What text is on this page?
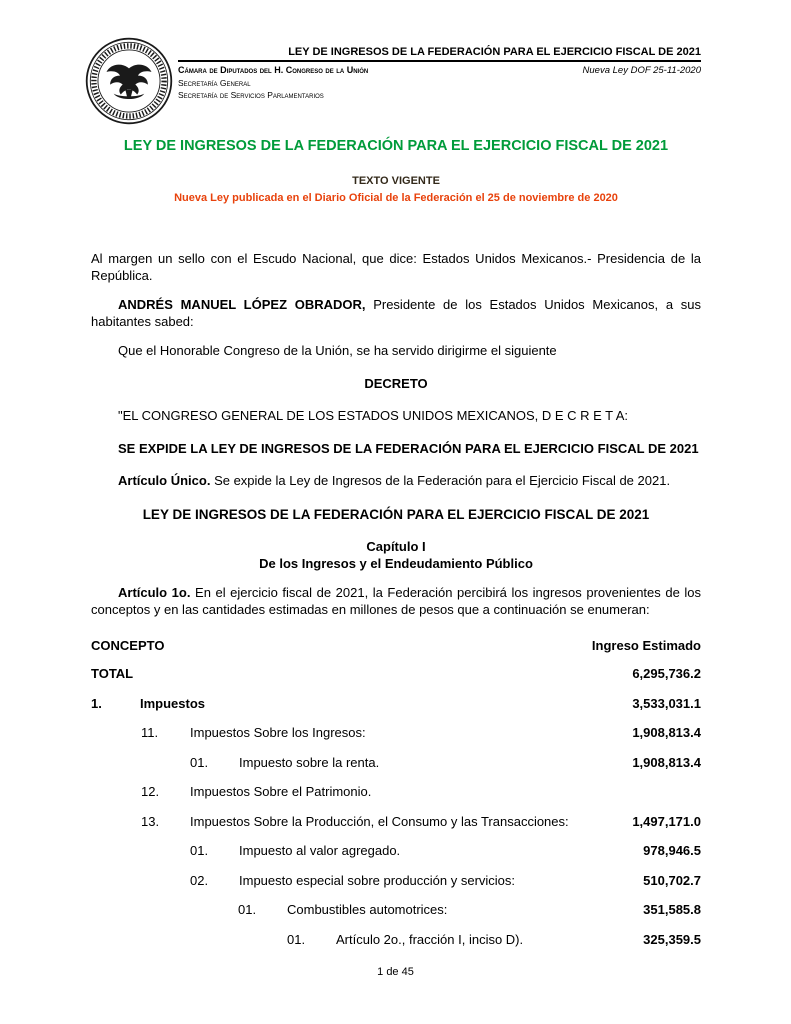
LEY DE INGRESOS DE LA FEDERACIÓN PARA EL EJERCICIO FISCAL DE 2021
Cámara de Diputados del H. Congreso de la Unión	Nueva Ley DOF 25-11-2020
Secretaría General
Secretaría de Servicios Parlamentarios
LEY DE INGRESOS DE LA FEDERACIÓN PARA EL EJERCICIO FISCAL DE 2021
TEXTO VIGENTE
Nueva Ley publicada en el Diario Oficial de la Federación el 25 de noviembre de 2020

Al margen un sello con el Escudo Nacional, que dice: Estados Unidos Mexicanos.- Presidencia de la República.

ANDRÉS MANUEL LÓPEZ OBRADOR, Presidente de los Estados Unidos Mexicanos, a sus habitantes sabed:

Que el Honorable Congreso de la Unión, se ha servido dirigirme el siguiente

DECRETO

"EL CONGRESO GENERAL DE LOS ESTADOS UNIDOS MEXICANOS, D E C R E T A:

SE EXPIDE LA LEY DE INGRESOS DE LA FEDERACIÓN PARA EL EJERCICIO FISCAL DE 2021

Artículo Único. Se expide la Ley de Ingresos de la Federación para el Ejercicio Fiscal de 2021.

LEY DE INGRESOS DE LA FEDERACIÓN PARA EL EJERCICIO FISCAL DE 2021

Capítulo I
De los Ingresos y el Endeudamiento Público

Artículo 1o. En el ejercicio fiscal de 2021, la Federación percibirá los ingresos provenientes de los conceptos y en las cantidades estimadas en millones de pesos que a continuación se enumeran:

CONCEPTO	Ingreso Estimado
TOTAL	6,295,736.2
1.	Impuestos	3,533,031.1
11.	Impuestos Sobre los Ingresos:	1,908,813.4
01.	Impuesto sobre la renta.	1,908,813.4
12.	Impuestos Sobre el Patrimonio.
13.	Impuestos Sobre la Producción, el Consumo y las Transacciones:	1,497,171.0
01.	Impuesto al valor agregado.	978,946.5
02.	Impuesto especial sobre producción y servicios:	510,702.7
01.	Combustibles automotrices:	351,585.8
01.	Artículo 2o., fracción I, inciso D).	325,359.5
1 de 45
